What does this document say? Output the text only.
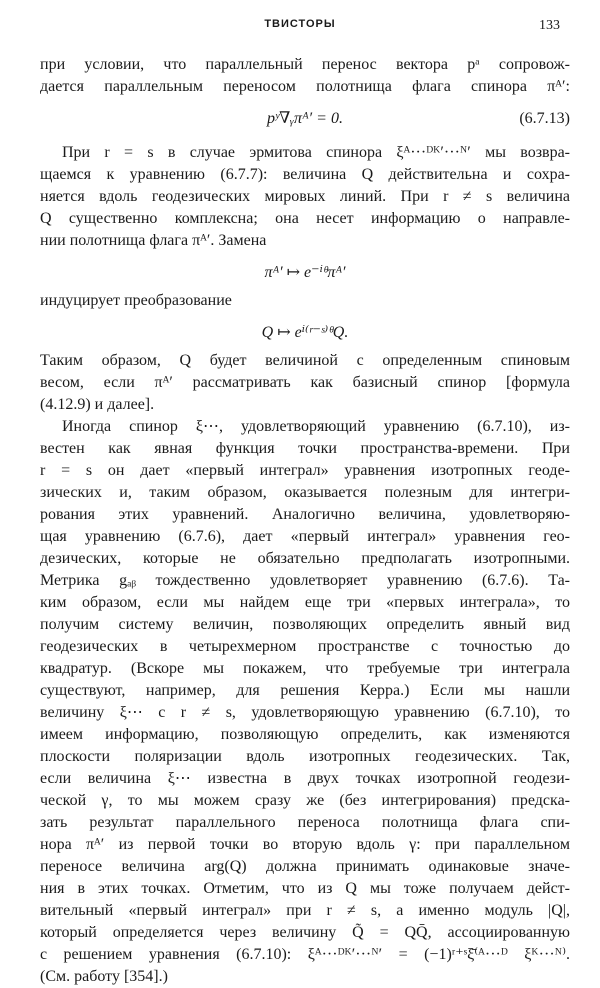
ТВИСТОРЫ	133
при условии, что параллельный перенос вектора pᵃ сопровож-
дается параллельным переносом полотнища флага спинора πᴬ′:
pʸ∇ᵧπᴬ′ = 0.	(6.7.13)
При r = s в случае эрмитова спинора ξᴬ···ᴰᴷ′···ᴺ′ мы возвра-
щаемся к уравнению (6.7.7): величина Q действительна и сохра-
няется вдоль геодезических мировых линий. При r ≠ s величина
Q существенно комплексна; она несет информацию о направле-
нии полотнища флага πᴬ′. Замена
πᴬ′ ↦ e⁻ⁱᶿπᴬ′
индуцирует преобразование
Q ↦ eⁱ⁽ʳ⁻ˢ⁾ᶿQ.
Таким образом, Q будет величиной с определенным спиновым
весом, если πᴬ′ рассматривать как базисный спинор [формула
(4.12.9) и далее].
Иногда спинор ξ⋯, удовлетворяющий уравнению (6.7.10), из-
вестен как явная функция точки пространства-времени. При
r = s он дает «первый интеграл» уравнения изотропных геоде-
зических и, таким образом, оказывается полезным для интегри-
рования этих уравнений. Аналогично величина, удовлетворяю-
щая уравнению (6.7.6), дает «первый интеграл» уравнения гео-
дезических, которые не обязательно предполагать изотропными.
Метрика gₐᵦ тождественно удовлетворяет уравнению (6.7.6). Та-
ким образом, если мы найдем еще три «первых интеграла», то
получим систему величин, позволяющих определить явный вид
геодезических в четырехмерном пространстве с точностью до
квадратур. (Вскоре мы покажем, что требуемые три интеграла
существуют, например, для решения Керра.) Если мы нашли
величину ξ⋯ с r ≠ s, удовлетворяющую уравнению (6.7.10), то
имеем информацию, позволяющую определить, как изменяются
плоскости поляризации вдоль изотропных геодезических. Так,
если величина ξ⋯ известна в двух точках изотропной геодези-
ческой γ, то мы можем сразу же (без интегрирования) предска-
зать результат параллельного переноса полотнища флага спи-
нора πᴬ′ из первой точки во вторую вдоль γ: при параллельном
переносе величина arg(Q) должна принимать одинаковые значе-
ния в этих точках. Отметим, что из Q мы тоже получаем дейст-
вительный «первый интеграл» при r ≠ s, а именно модуль |Q|,
который определяется через величину Q̃ = QQ̄, ассоциированную
с решением уравнения (6.7.10): ξᴬ···ᴰᴷ′···ᴺ′ = (−1)ʳ⁺ˢξ̄⁽ᴬ···ᴰ ξᴷ···ᴺ⁾.
(См. работу [354].)
